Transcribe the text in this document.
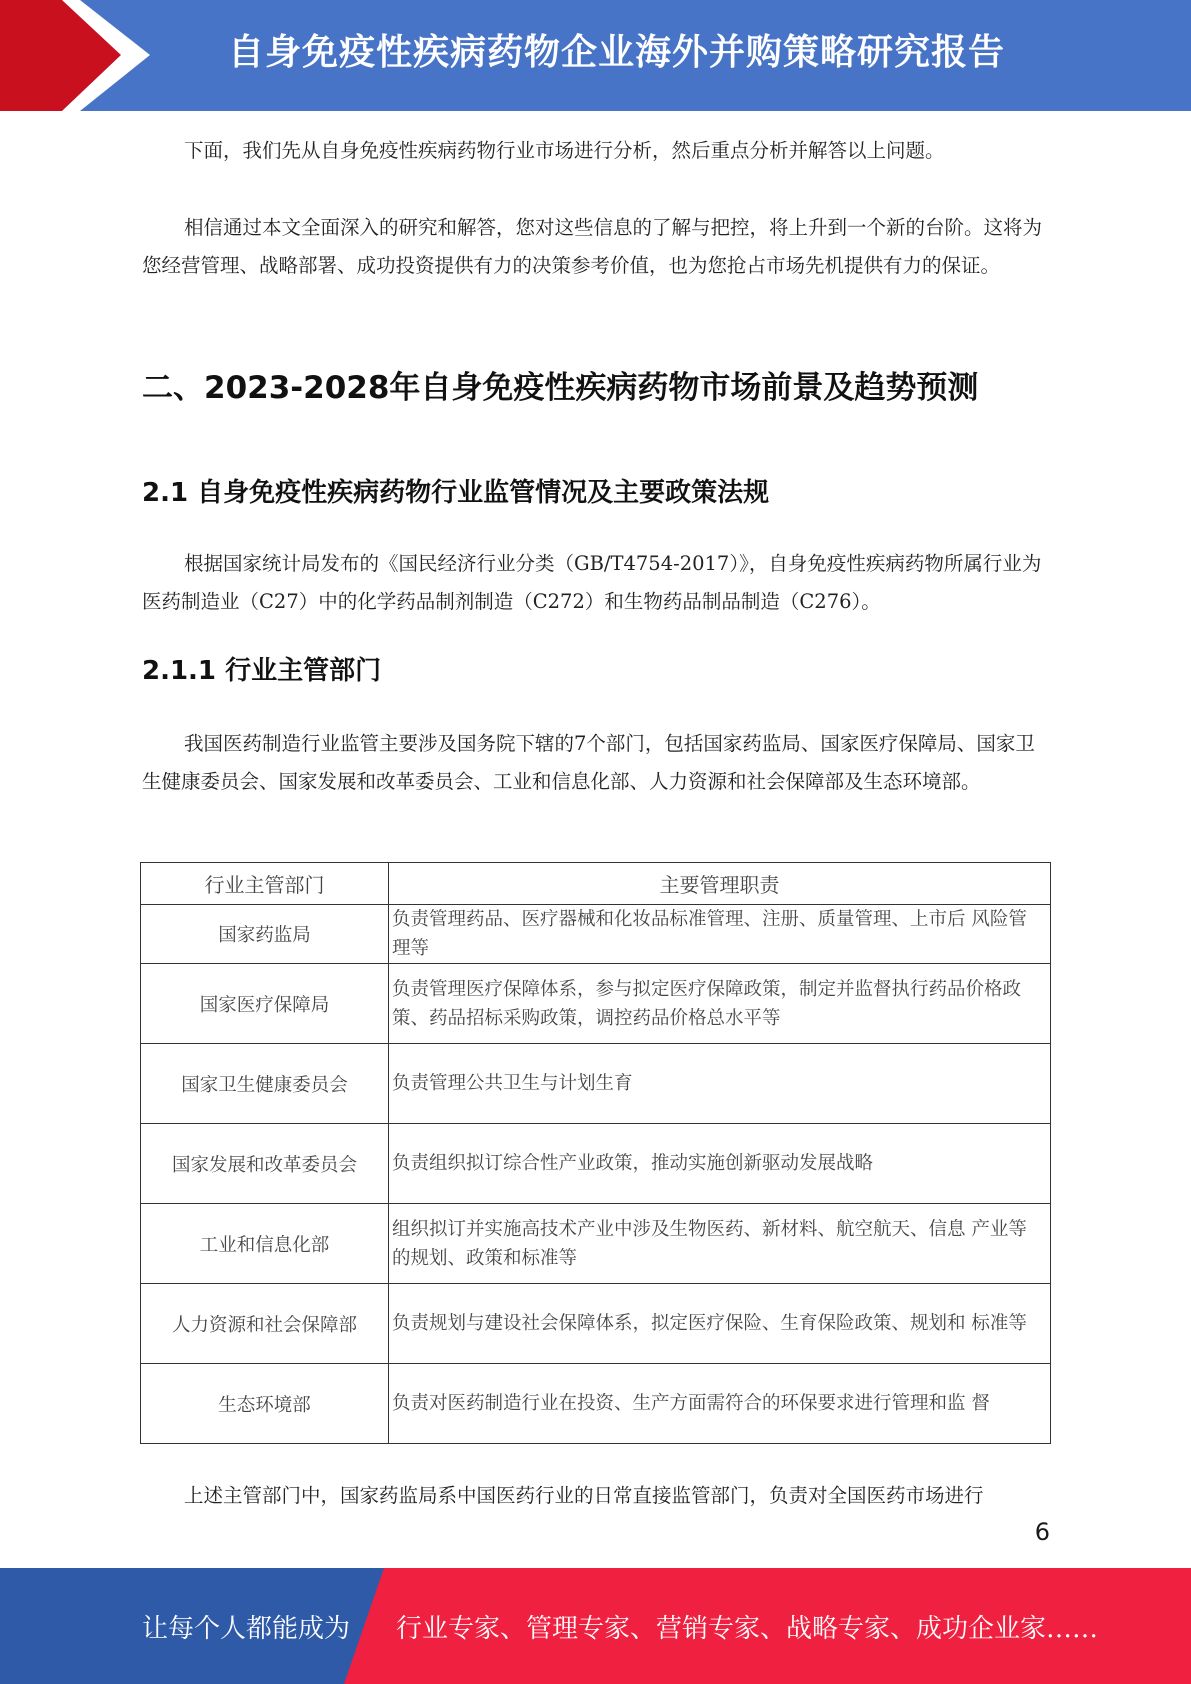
自身免疫性疾病药物企业海外并购策略研究报告

下面，我们先从自身免疫性疾病药物行业市场进行分析，然后重点分析并解答以上问题。

相信通过本文全面深入的研究和解答，您对这些信息的了解与把控，将上升到一个新的台阶。这将为您经营管理、战略部署、成功投资提供有力的决策参考价值，也为您抢占市场先机提供有力的保证。

二、2023-2028年自身免疫性疾病药物市场前景及趋势预测
2.1 自身免疫性疾病药物行业监管情况及主要政策法规

根据国家统计局发布的《国民经济行业分类（GB/T4754-2017）》，自身免疫性疾病药物所属行业为医药制造业（C27）中的化学药品制剂制造（C272）和生物药品制品制造（C276）。

2.1.1 行业主管部门

我国医药制造行业监管主要涉及国务院下辖的7个部门，包括国家药监局、国家医疗保障局、国家卫生健康委员会、国家发展和改革委员会、工业和信息化部、人力资源和社会保障部及生态环境部。

行业主管部门	主要管理职责
国家药监局	负责管理药品、医疗器械和化妆品标准管理、注册、质量管理、上市后 风险管理等
国家医疗保障局	负责管理医疗保障体系，参与拟定医疗保障政策，制定并监督执行药品价格政策、药品招标采购政策，调控药品价格总水平等
国家卫生健康委员会	负责管理公共卫生与计划生育
国家发展和改革委员会	负责组织拟订综合性产业政策，推动实施创新驱动发展战略
工业和信息化部	组织拟订并实施高技术产业中涉及生物医药、新材料、航空航天、信息 产业等的规划、政策和标准等
人力资源和社会保障部	负责规划与建设社会保障体系，拟定医疗保险、生育保险政策、规划和 标准等
生态环境部	负责对医药制造行业在投资、生产方面需符合的环保要求进行管理和监 督

上述主管部门中，国家药监局系中国医药行业的日常直接监管部门，负责对全国医药市场进行

6
让每个人都能成为 行业专家、管理专家、营销专家、战略专家、成功企业家……
